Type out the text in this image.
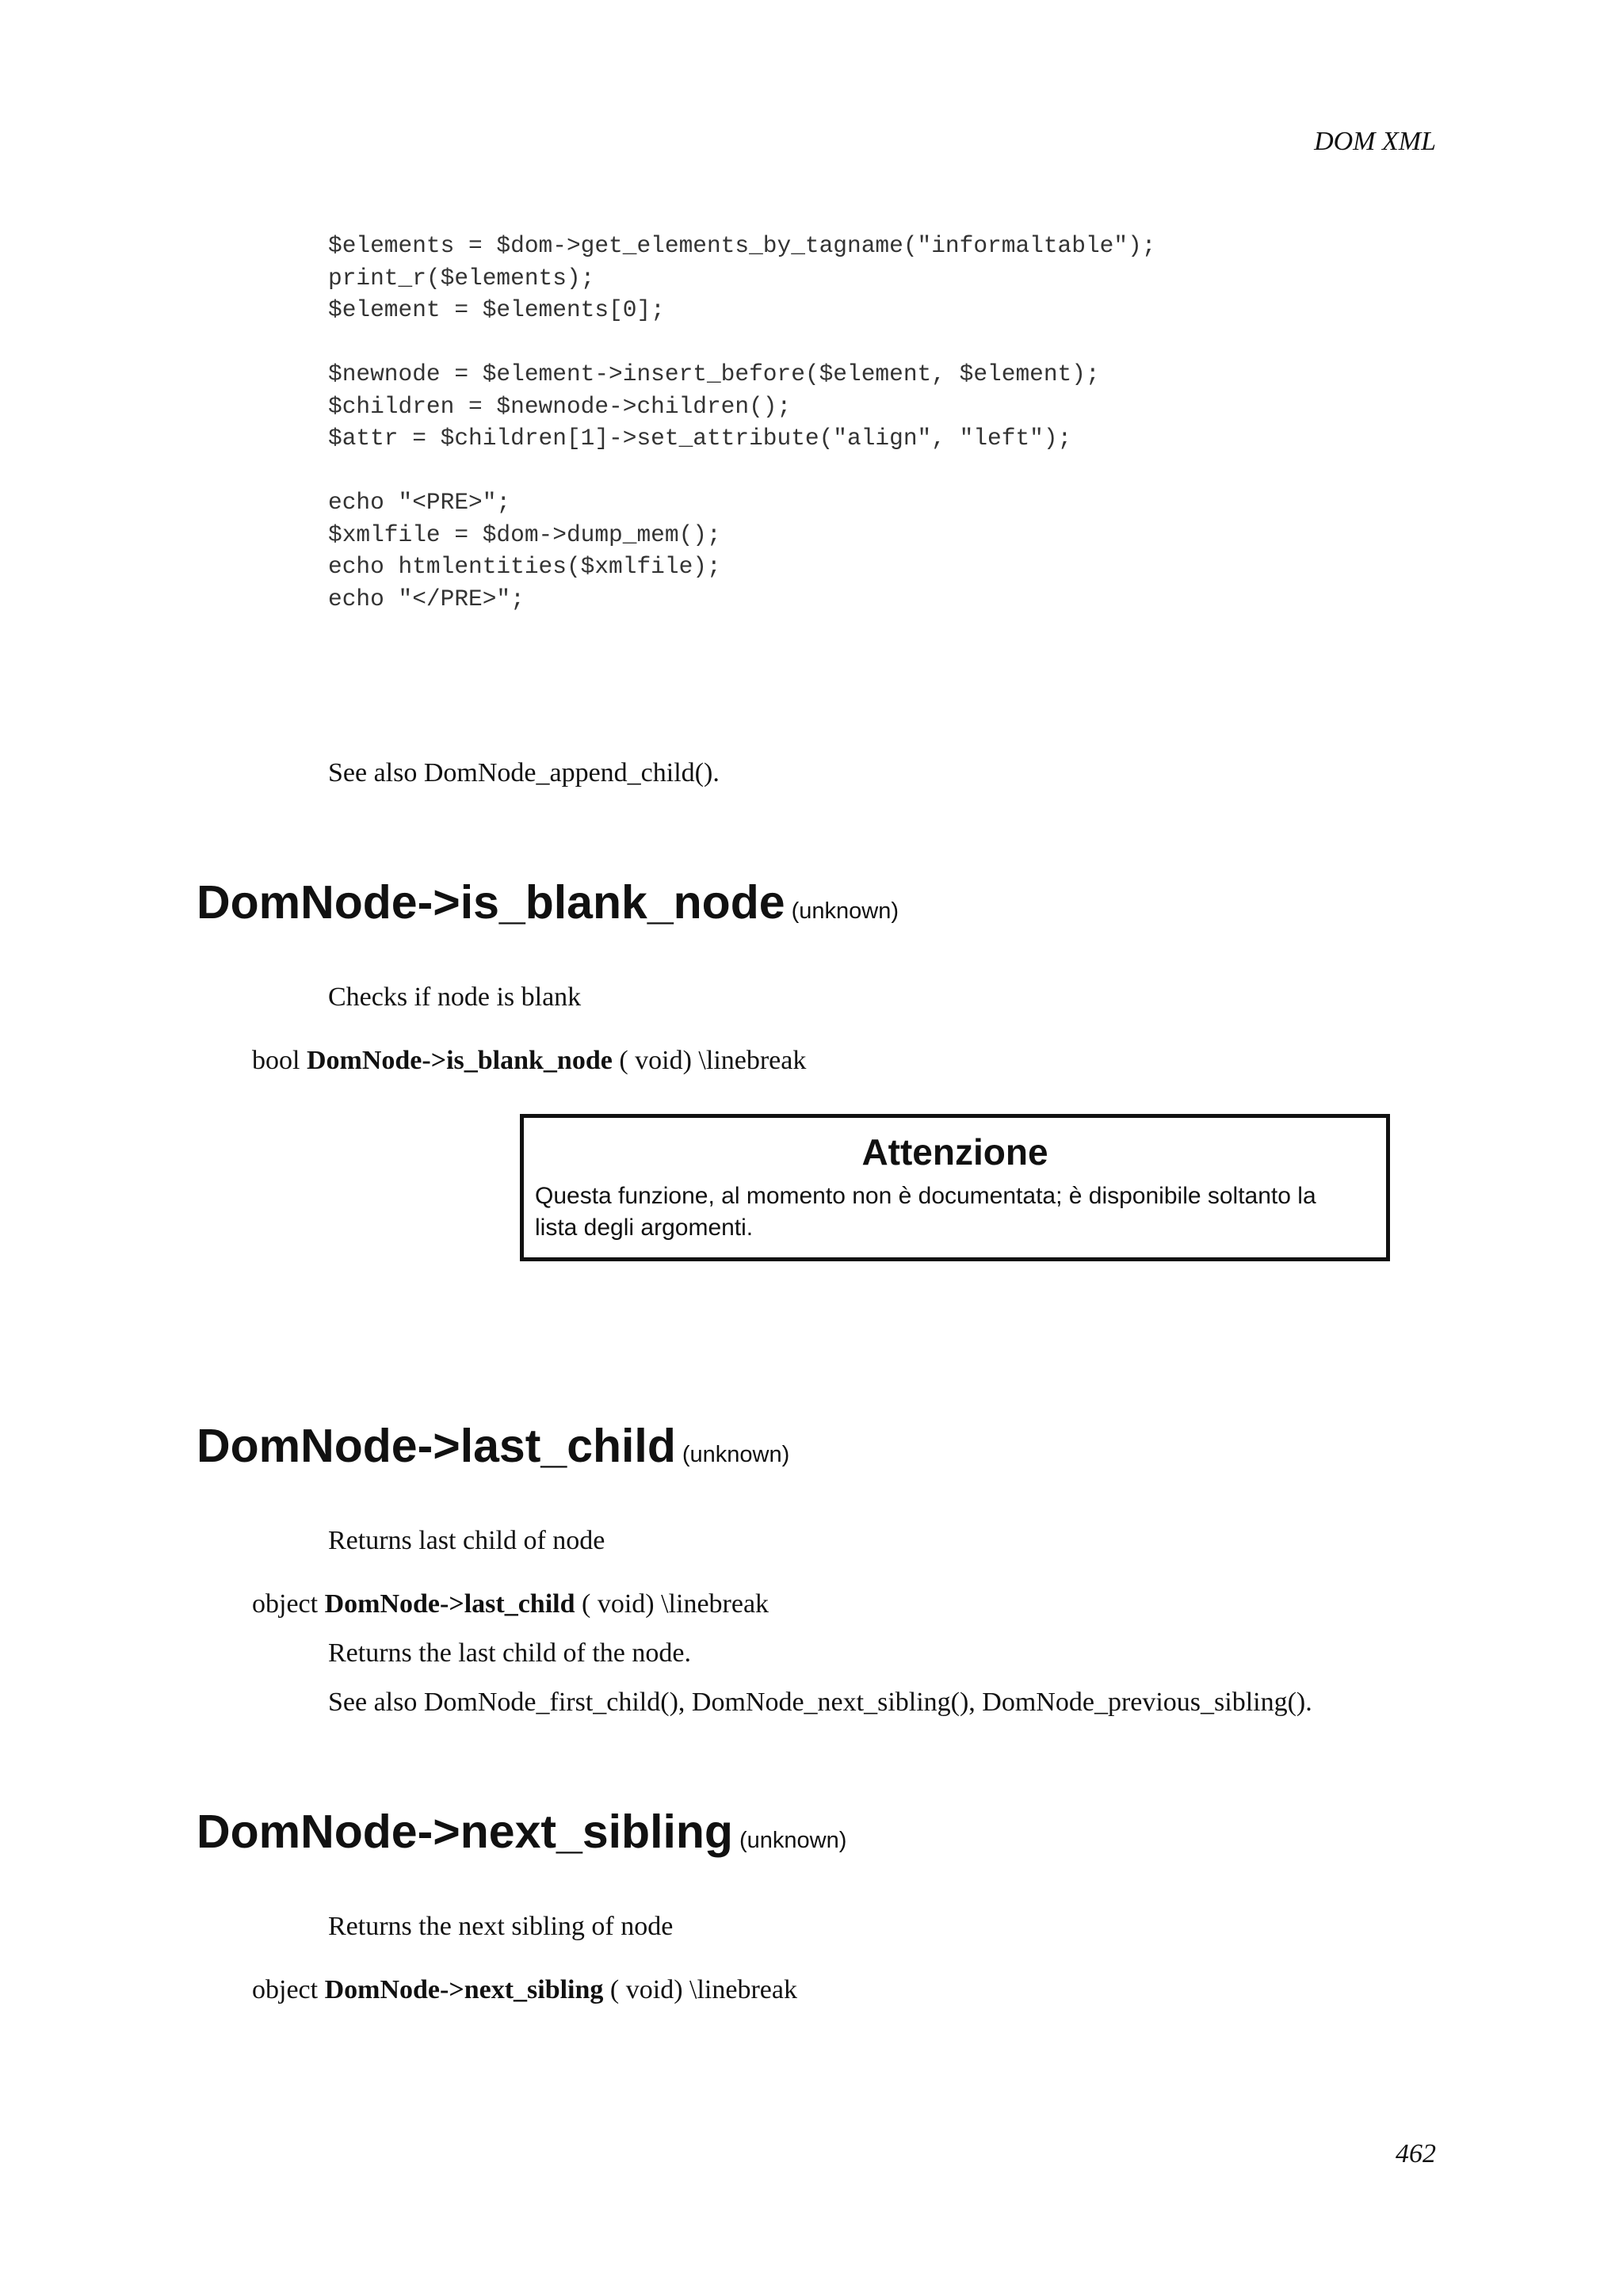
DOM XML
$elements = $dom->get_elements_by_tagname("informaltable");
print_r($elements);
$element = $elements[0];
$newnode = $element->insert_before($element, $element);
$children = $newnode->children();
$attr = $children[1]->set_attribute("align", "left");
echo "<PRE>";
$xmlfile = $dom->dump_mem();
echo htmlentities($xmlfile);
echo "</PRE>";
See also DomNode_append_child().
DomNode->is_blank_node (unknown)
Checks if node is blank
bool DomNode->is_blank_node ( void) \linebreak
Attenzione
Questa funzione, al momento non è documentata; è disponibile soltanto la
lista degli argomenti.
DomNode->last_child (unknown)
Returns last child of node
object DomNode->last_child ( void) \linebreak
Returns the last child of the node.
See also DomNode_first_child(), DomNode_next_sibling(), DomNode_previous_sibling().
DomNode->next_sibling (unknown)
Returns the next sibling of node
object DomNode->next_sibling ( void) \linebreak
462
